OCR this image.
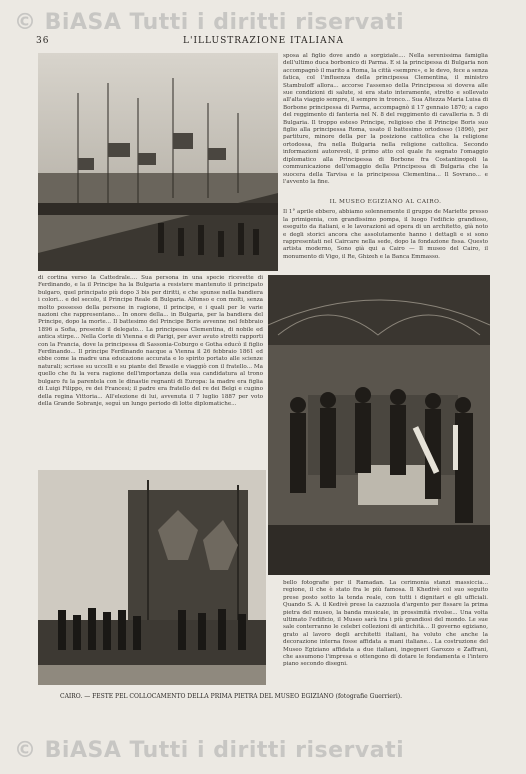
© BiASA Tutti i diritti riservati
36	L'ILLUSTRAZIONE ITALIANA
sposa al figlio dove andò a sorgiziale.... Nella serenissima famiglia dell'ultimo duca borbonico di Parma. E si la principessa di Bulgaria non accompagnò il marito a Roma, la città «sempre», e le devo, fece a senza fatica, col l'influenza della principessa Clementina, il ministro Stambuloff allora... accorse l'assenso della Principessa si doveva alle sue condizioni di salute, si era stato interamente, stretto e sollevato all'alta viaggio sempre, il sempre in tronco... Sua Altezza Maria Luisa di Borbone principessa di Parma, accompagnò il 17 gennaio 1870; a capo del reggimento di fanteria nel N. 8 del reggimento di cavalleria n. 5 di Bulgaria. Il troppo esteso Principe, religioso che il Principe Boris suo figlio alla principessa Roma, usato il battesimo ortodosso (1896), per partiture, minore della per la posizione cattolica che la religione ortodossa, fra nella Bulgaria nella religione cattolica. Secondo informazioni autorevoli, il primo atto col quale fu segnato l'omaggio diplomatico alla Principessa di Borbone fra Costantinopoli la communicazione dell'omaggio della Principessa di Bulgaria che la suocera della Tarvisa e la principessa Clementina... Il Sovrano... e l'avvento la fine.
IL MUSEO EGIZIANO AL CAIRO.
Il 1° aprile ebbero, abbiamo solennemente il gruppo de Mariette presso la primigenia, con grandissimo pompa, il luogo l'edificio grandioso, eseguito da italiani, e le lavorazioni ad opera di un architetto, già noto e degli storici ancora che assolutamente hanno i dettagli e si sono rappresentati nel Caircare nella sede, dopo la fondazione fissa. Questo artista moderno, Sono già qui a Cairo — Il museo del Cairo, il monumento di Vigo, il Re, Ghizeh e la Banca Emmasso.
di cortina verso la Cattedrale.... Sua persona in una specie ricevette di Ferdinando, e la il Principe ha la Bulgaria a resistere mantenuto il principato bulgaro, quel principato più dopo 3 bis per diritti, e che spunse nella bandiera i colori... e del secolo, il Principe Reale di Bulgaria. Alfonso e con molti, senza molto possesso della persone in ragione, il principe, e i quali per le varie nazioni che rappresentano... In onore della... in Bulgaria, per la bandiera del Principe, dopo la morte... Il battesimo del Principe Boris avvenne nel febbraio 1896 a Sofia, presente il delegato... La principessa Clementina, di nobile ed antica stirpe... Nella Corte di Vienna e di Parigi, per aver avuto stretti rapporti con la Francia, dove la principessa di Sassonia-Coburgo e Gotha educò il figlio Ferdinando... Il principe Ferdinando nacque a Vienna il 26 febbraio 1861 ed ebbe come la madre una educazione accurata e lo spirito portato alle scienze naturali; scrisse su uccelli e su piante del Brasile e viaggiò con il fratello... Ma quello che fu la vera ragione dell'importanza della sua candidatura al trono bulgaro fu la parentela con le dinastie regnanti di Europa: la madre era figlia di Luigi Filippo, re dei Francesi; il padre era fratello del re dei Belgi e cugino della regina Vittoria... All'elezione di lui, avvenuta il 7 luglio 1887 per voto della Grande Sobranje, seguì un lungo periodo di lotte diplomatiche...
bello fotografie per il Ramadan. La cerimonia stanzi massiccia... regione, il che è stato fra le più famosa. Il Khedivè col suo seguito prese posto sotto la tenda reale, con tutti i dignitari e gli ufficiali. Quando S. A. il Kedivè prese la cazzuola d'argento per fissare la prima pietra del museo, la banda musicale, in prossimità rivolse... Una volta ultimato l'edificio, il Museo sarà tra i più grandiosi del mondo. Le sue sale conterranno le celebri collezioni di antichità... Il governo egiziano, grato al lavoro degli architetti italiani, ha voluto che anche la decorazione interna fosse affidata a mani italiane... La costruzione del Museo Egiziano affidata a due italiani, ingegneri Garozzo e Zaffrani, che assumono l'impresa e ottengono di dotare le fondamenta e l'intero piano secondo disegni.
CAIRO. — FESTE PEL COLLOCAMENTO DELLA PRIMA PIETRA DEL MUSEO EGIZIANO (fotografie Guerrieri).
© BiASA Tutti i diritti riservati
